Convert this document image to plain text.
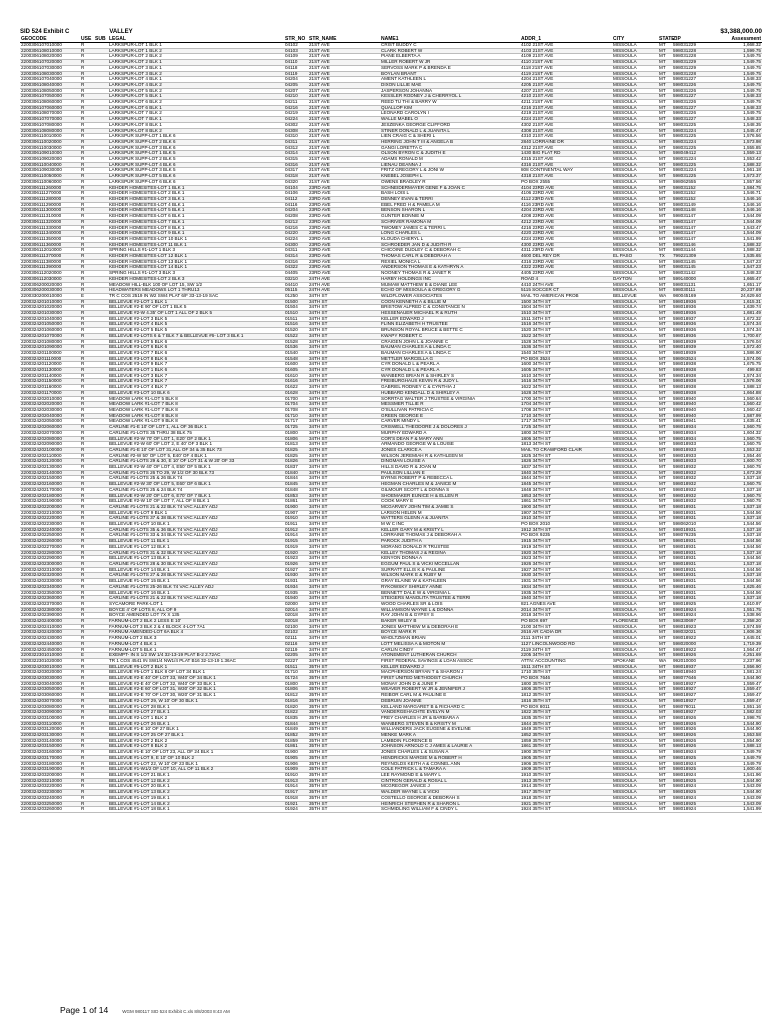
SID 524 Exhibit C	VALLEY	$3,388,000.00
GEOCODE	USE	SUB	LEGAL	STR_NO	STR_NAME	NAME1	ADDR_1	CITY	STATE	ZIP	Assessment
2200306107010000	R		LARKSPUR-LOT 1 BLK 1	04102	21ST AVE	CRIST BUDDY C	4102 21ST AVE	MISSOULA	MT	598031229	1,668.32
2200306108010000	R		LARKSPUR-LOT 1 BLK 2	04103	21ST AVE	CLARK ROBERT W	4103 21ST AVE	MISSOULA	MT	598031228	1,599.75
2200306108020000	R		LARKSPUR-LOT 2 BLK 2	04109	21ST AVE	PIANE ELBERTA A	4109 21ST AVE	MISSOULA	MT	598031228	1,549.75
2200306107020000	R		LARKSPUR-LOT 2 BLK 1	04110	21ST AVE	MILLER ROBERT W JR	4110 21ST AVE	MISSOULA	MT	598031229	1,549.75
2200306107030000	R		LARKSPUR-LOT 3 BLK 1	04118	21ST AVE	SERVOSS MARK P & BRENDA E	4118 21ST AVE	MISSOULA	MT	598031229	1,549.75
2200306108030000	R		LARKSPUR-LOT 3 BLK 2	04119	21ST AVE	BOYLAN BRANT	4119 21ST AVE	MISSOULA	MT	598031228	1,549.75
2200306107040000	R		LARKSPUR-LOT 4 BLK 1	04204	21ST AVE	AMENT KATHLEEN L	4204 21ST AVE	MISSOULA	MT	598031227	1,548.33
2200306108040000	R		LARKSPUR-LOT 4 BLK 2	04205	21ST AVE	DIXON LILLIE MAE	4205 21ST AVE	MISSOULA	MT	598031226	1,549.75
2200306108050000	R		LARKSPUR-LOT 5 BLK 2	04207	21ST AVE	JASPERSON JOHANNA	4207 21ST AVE	MISSOULA	MT	598031226	1,549.75
2200306107050000	R		LARKSPUR-LOT 5 BLK 1	04210	21ST AVE	KESSLER RODNEY J & CHERRYOL L	4210 21ST AVE	MISSOULA	MT	598031227	1,548.33
2200306108060000	R		LARKSPUR-LOT 6 BLK 2	04211	21ST AVE	REED TU THI & BARRY W	4211 21ST AVE	MISSOULA	MT	598031226	1,549.75
2200306107060000	R		LARKSPUR-LOT 6 BLK 1	04216	21ST AVE	QUALLOP KIM	4216 21ST AVE	MISSOULA	MT	598031227	1,548.33
2200306108070000	R		LARKSPUR-LOT 7 BLK 2	04219	21ST AVE	LEONARD CAROLYN I	4219 21ST AVE	MISSOULA	MT	598031226	1,549.75
2200306107070000	R		LARKSPUR-LOT 7 BLK 1	04224	21ST AVE	WALLE MABEL O	4224 21ST AVE	MISSOULA	MT	598031227	1,548.33
2200306107080000	R		LARKSPUR-LOT 8 BLK 1	04302	21ST AVE	JESZENKA GEORGE CLIFFORD	4302 21ST AVE	MISSOULA	MT	598031225	1,548.35
2200306108080000	R		LARKSPUR-LOT 8 BLK 2	04308	21ST AVE	STINER DONALD L & JUANITA L	4308 21ST AVE	MISSOULA	MT	598031224	1,545.47
2200306110010000	R		LARKSPUR SUPP-LOT 1 BLK 6	04310	21ST AVE	LIEN CRAIG C & SHERI L	4310 21ST AVE	MISSOULA	MT	598031225	1,576.56
2200306110020000	R		LARKSPUR SUPP-LOT 2 BLK 6	04311	21ST AVE	HERRING JOHN T III & ANGELA B	2840 LORRAINE DR	MISSOULA	MT	598031224	1,573.98
2200306110030000	R		LARKSPUR SUPP-LOT 3 BLK 6	04312	21ST AVE	GANGI LORETTA C	4312 21ST AVE	MISSOULA	MT	598031225	1,555.85
2200306109010000	R		LARKSPUR SUPP-LOT 1 BLK 5	04314	21ST AVE	OLSON BYRON C & JUDITH E	1430 BIG FLAT RD	MISSOULA	MT	598049412	1,559.13
2200306109020000	R		LARKSPUR SUPP-LOT 2 BLK 5	04315	21ST AVE	ADAMS RONALD M	4315 21ST AVE	MISSOULA	MT	598031224	1,553.42
2200306110040000	R		LARKSPUR SUPP-LOT 4 BLK 6	04316	21ST AVE	LIENAU DEANNA J	4316 21ST AVE	MISSOULA	MT	598031225	1,588.32
2200306109030000	R		LARKSPUR SUPP-LOT 3 BLK 5	04317	21ST AVE	FRITZ GREGORY L & JONI W	808 CONTINENTAL WAY	MISSOULA	MT	598031224	1,561.18
2200306110050000	R		LARKSPUR SUPP-LOT 5 BLK 6	04318	21ST AVE	KNEBEL JOSEPH L	4318 21ST AVE	MISSOULA	MT	598031225	1,573.37
2200306110060000	R		LARKSPUR SUPP-LOT 6 BLK 6	04320	21ST AVE	OWENS BRADLEY R	PO BOX 2555	MISSOULA	MT	598062555	1,557.56
2200306111260000	R		KEHDER HOMESITES-LOT 1 BLK 1	04104	23RD AVE	SCHNEIDERMAYER GENE F & JOAN C	4104 23RD AVE	MISSOULA	MT	598031152	1,584.75
2200306111270000	R		KEHDER HOMESITES-LOT 2 BLK 1	04106	23RD AVE	BASH LOIS L	4106 23RD AVE	MISSOULA	MT	598031152	1,546.71
2200306111280000	R		KEHDER HOMESITES-LOT 3 BLK 1	04112	23RD AVE	DENNEY EVAN & TERRI	4112 23RD AVE	MISSOULA	MT	598031152	1,546.16
2200306111290000	R		KEHDER HOMESITES-LOT 4 BLK 1	04116	23RD AVE	EBEL FRED H & PAMELA M	4116 23RD AVE	MISSOULA	MT	598031149	1,546.16
2200306111300000	R		KEHDER HOMESITES-LOT 5 BLK 1	04204	23RD AVE	BENSON SHARON L	4204 23RD AVE	MISSOULA	MT	598031148	1,546.16
2200306111310000	R		KEHDER HOMESITES-LOT 6 BLK 1	04208	23RD AVE	GUNTER BONNIE M	4208 23RD AVE	MISSOULA	MT	598031147	1,544.09
2200306111320000	R		KEHDER HOMESITES-LOT 7 BLK 1	04212	23RD AVE	SCHRIVER RAMONA M	4212 23RD AVE	MISSOULA	MT	598031147	1,544.09
2200306111330000	R		KEHDER HOMESITES-LOT 8 BLK 1	04216	23RD AVE	TWOMEY JAMES C & TERRI L	4216 23RD AVE	MISSOULA	MT	598031147	1,543.47
2200306111340000	R		KEHDER HOMESITES-LOT 9 BLK 1	04220	23RD AVE	LONG CHARLES L	4220 23RD AVE	MISSOULA	MT	598031147	1,544.09
2200306111350000	R		KEHDER HOMESITES-LOT 10 BLK 1	04224	23RD AVE	KLOUDA CHERYL L	4224 23RD AVE	MISSOULA	MT	598031147	1,541.99
2200306111360000	R		KEHDER HOMESITES-LOT 11 BLK 1	04300	23RD AVE	SCHROEDER JAN D & JUDITH R	4300 23RD AVE	MISSOULA	MT	598031146	1,588.32
2200306112010000	R		SPRING HILLS #1-LOT 1 BLK 3	04311	23RD AVE	CHICOINE DUDLEY C & DEBORAH C	4311 23RD AVE	MISSOULA	MT	598031144	1,588.32
2200306111370000	R		KEHDER HOMESITES-LOT 12 BLK 1	04314	23RD AVE	THOMAS CARL R & DEBORAH A	4600 DEL REY DR	EL PASO	TX	799221309	1,535.65
2200306111380000	R		KEHDER HOMESITES-LOT 13 BLK 1	04316	23RD AVE	REXIEL MONICA L	4316 23RD AVE	MISSOULA	MT	598031145	1,547.23
2200306111390000	R		KEHDER HOMESITES-LOT 14 BLK 1	04322	23RD AVE	ANDERSON THOMAS E & KATHRYN A	4322 23RD AVE	MISSOULA	MT	598031145	1,547.23
2200306112020000	R		SPRING HILLS #1-LOT 3 BLK 3	04405	23RD AVE	NOONEY THOMAS R & JANET R	4405 23RD AVE	MISSOULA	MT	598031142	1,548.33
2200306112030000	R		KEHDER HOMESITES-LOT 2 BLK 3	03210	24TH AVE	HARBY HOLDINGS INC	ROAD 4	DAYTON	MT	599140000	1,665.47
2200306200020000	R		MEADOW HILL-BLK 100 OF LOT 15, SW 1/2	04410	24TH AVE	MUMAW MATTHEW B & DIANE LEE	4410 24TH AVE	MISSOULA	MT	598031131	1,651.17
2200306200030000	R		HEADWATERS MEADOWS LOT 1 THRU13	05115	24TH AVE	ECHO OF MISSOULA & GREGORY G	5115 SOCCER CT	MISSOULA	MT	598030111	20,237.89
2200330200010000	E		TR C COS 2519 IN W2 SW4 PLAT 6/F 33-13-19 SAC	01250	34TH ST	WILDFLOWER ASSOCIATES	MAIL TO AMERICAN PROB	BELLEVUE	WA	980045169	24,629.60
2200324201010000	R		BELLEVUE #2-LOT 1 BLK 1	01500	34TH ST	COON KENNETH A & BILLIE M	1500 34TH ST	MISSOULA	MT	598018936	1,615.31
2200324201020000	R		BELLEVUE #2-E 90' OF LOT 1 BLK 5	01504	34TH ST	BRISTOW ALFRED C & CONSTANCE N	1504 34TH ST	MISSOULA	MT	598018936	1,639.74
2200324201030000	R		BELLEVUE #2-W 4.35' OF LOT 1 ALL OF 2 BLK 5	01510	34TH ST	HESSENAUER MICHAEL R & RUTH	1510 34TH ST	MISSOULA	MT	598018936	1,681.49
2200324201040000	R		BELLEVUE #2-LOT 3 BLK 5	01511	34TH ST	KELLER EDWARD J	1511 34TH ST	MISSOULA	MT	598018937	1,672.32
2200324201050000	R		BELLEVUE #2-LOT 4 BLK 5	01516	34TH ST	FLINN ELIZABETH H TRUSTEE	1516 34TH ST	MISSOULA	MT	598018936	1,574.34
2200324201060000	R		BELLEVUE #2-LOT 5 BLK 5	01520	34TH ST	BRUNSON ROYAL BRUCE & BETTE C	1520 34TH ST	MISSOULA	MT	598018936	1,574.34
2200324201070000	R		BELLEVUE #2-LOTS 6 & 7 BLK 7 & BELLEVUE #6- LOT 3 BLK 1	01522	34TH ST	KWAPY ROBERT C	1522 34TH ST	MISSOULA	MT	598018936	1,700.67
2200324201080000	R		BELLEVUE #3-LOT 5 BLK 6	01528	34TH ST	CRAIGEN JOHN L & JOANNE C	1528 34TH ST	MISSOULA	MT	598018939	1,576.04
2200324201090000	R		BELLEVUE #3-LOT 6 BLK 6	01536	34TH ST	BAUMAN CHARLES A & LINDA C	1536 34TH ST	MISSOULA	MT	598018939	1,572.40
2200324201100000	R		BELLEVUE #3-LOT 7 BLK 6	01540	34TH ST	BAUMAN CHARLES A & LINDA C	1540 34TH ST	MISSOULA	MT	598018939	1,586.90
2200324201110000	R		BELLEVUE #3-LOT 8 BLK 6	01548	34TH ST	METTLER MARCELLA G	PO BOX 3524	MISSOULA	MT	598063524	1,574.06
2200324201120000	R		BELLEVUE #3-LOT 9 BLK 7	01600	34TH ST	CYR DONALD L & PEARL A	1600 34TH ST	MISSOULA	MT	598018938	1,675.75
2200324201130000	R		BELLEVUE #3-LOT 1 BLK 6	01605	34TH ST	CYR DONALD L & PEARL A	1605 34TH ST	MISSOULA	MT	598018938	499.83
2200324201140000	R		BELLEVUE #3-LOT 3 BLK 7	01610	34TH ST	WANBERG BRIAN R & SHIRLEY S	1610 34TH ST	MISSOULA	MT	598018938	1,574.34
2200324201150000	R		BELLEVUE #3-LOT 3 BLK 7	01616	34TH ST	FREIBURGHAUS KEVIN R & JUDY L	1616 34TH ST	MISSOULA	MT	598018938	1,576.06
2200324201160000	R		BELLEVUE #3-LOT 4 BLK 7	01622	34TH ST	GABRIEL RODNEY C & CYNTHIA J	1622 34TH ST	MISSOULA	MT	598018938	1,588.13
2200324201170000	R		BELLEVUE #3-LOT 10 BLK 6	01628	34TH ST	HUBBARD KENDALL D & SHIRLEY A	1628 34TH ST	MISSOULA	MT	598018938	1,664.88
2200324202010000	R		MEADOW LARK #1-LOT 5 BLK 8	01700	34TH ST	SORRTAG WALTER J TRUSTEE & VIRGINIA	1700 34TH ST	MISSOULA	MT	598018940	1,560.64
2200324202020000	R		MEADOW LARK #1-LOT 7 BLK 8	01704	34TH ST	MESSMER TILLIE R	1704 34TH ST	MISSOULA	MT	598018940	1,560.42
2200324202030000	R		MEADOW LARK #1-LOT 7 BLK 8	01708	34TH ST	O'SULLIVAN PATRICIA C	1708 34TH ST	MISSOULA	MT	598018940	1,560.42
2200324202040000	R		MEADOW LARK #1-LOT 8 BLK 8	01710	34TH ST	GREEN GEORGE E	1710 34TH ST	MISSOULA	MT	598018940	1,587.99
2200324202050000	R		MEADOW LARK #1-LOT 9 BLK 8	01717	34TH ST	CARVER MINDY L	1717 34TH ST	MISSOULA	MT	598018941	1,635.41
2200324202060000	R		CARLINE #1-E 10' OF LOT 1, ALL OF 36 BLK 1	01725	34TH ST	CRISWELL THEODORE J & DOLORES J	1725 34TH ST	MISSOULA	MT	598018934	1,560.75
2200324202070000	R		CARLINE #1-LOTS 35 THRU 38 BLK 75	01800	34TH ST	MURPHY EDWARD A	1800 34TH ST	MISSOULA	MT	598018934	1,604.32
2200324202080000	R		BELLEVUE #2-W 70' OF LOT 1, E20' OF 2 BLK 1	01806	34TH ST	COR'S DEAN F & MARY ANN	1806 34TH ST	MISSOULA	MT	598018934	1,560.75
2200324202090000	R		BELLEVUE #2-W 60' OF LOT 2, E 40' OF 3 BLK 1	01813	34TH ST	ARMANDO GEORGE W & LOUISE	1813 34TH ST	MISSOULA	MT	598018933	1,560.75
2200324202100000	R		CARLINE #1-E 10' OF LOT 31,ALL OF 34 & 35 BLK 73	01825	34TH ST	JONES CLARICE A	MAIL TO CRAWFORD CLAIR	MISSOULA	MT	598018933	1,553.32
2200324202110000	R		CARLINE #2-W 50' OF LOT 5, E40' OF 4 BLK 1	01825	34TH ST	WILSON JEREMIAH R & KATHLEEN M	1825 34TH ST	MISSOULA	MT	598018933	1,554.46
2200324202120000	R		CARLINE #1-LOTS 29 & 30, E 10' OF LOT 31 & W 20' OF 33	01826	34TH ST	DINGMAN LOUISE A	1826 34TH ST	MISSOULA	MT	598018933	1,600.70
2200324202130000	R		BELLEVUE #2-W 40' OF LOT 4, E50' OF 5 BLK 1	01837	34TH ST	HILLS DAVID R & JOAN M	1837 34TH ST	MISSOULA	MT	598018932	1,560.75
2200324202140000	R		CARLINE #1-LOTS 26 TO 29, W 1/2 OF 30 BLK 73	01840	34TH ST	PAULSON LILLIAN E	1840 34TH ST	MISSOULA	MT	598018932	1,673.29
2200324202150000	R		CARLINE #1-LOTS 25 & 26 BLK 74	01844	34TH ST	BYRNS ROBERT P & REBECCA L	1844 34TH ST	MISSOULA	MT	598018932	1,537.18
2200324202160000	R		BELLEVUE #2-W 30' OF LOT 5, E60' OF 6 BLK 1	01845	34TH ST	HEGMAN CHARLES M & JANICE M	1845 34TH ST	MISSOULA	MT	598018932	1,560.75
2200324202170000	R		CARLINE #1-LOTS 25 & 24 BLK 74	01848	34TH ST	GILMOUR SCOTT L & DONNA S	1848 34TH ST	MISSOULA	MT	598018932	1,537.18
2200324202180000	R		BELLEVUE #2-W 20' OF LOT 6, E70' OF 7 BLK 1	01853	34TH ST	SHOEMAKER EUNICE H & ELLEN R	1853 34TH ST	MISSOULA	MT	598018932	1,560.75
2200324202190000	R		BELLEVUE #2-W 10' OF LOT 7, ALL OF 8 BLK 1	01861	34TH ST	COOK MARY E	1861 34TH ST	MISSOULA	MT	598018932	1,560.75
2200324202200000	R		CARLINE #1-LOTS 21 & 22 BLK 74 VAC ALLEY ADJ	01900	34TH ST	MCGARVEY JOHN TIM & JAMIE S	1900 34TH ST	MISSOULA	MT	598018931	1,537.18
2200324202210000	R		BELLEVUE #1-LOT 9 BLK 1	01907	34TH ST	LARSON HELEN M	1907 34TH ST	MISSOULA	MT	598018931	1,544.56
2200324202220000	R		CARLINE #1-LOTS 37 & 38 BLK 74 VAC ALLEY ADJ	01910	34TH ST	WATTERS GLENN A & JUANITA	1910 34TH ST	MISSOULA	MT	598018931	1,537.18
2200324202230000	R		BELLEVUE #1-LOT 10 BLK 1	01911	34TH ST	M W C INC	PO BOX 2010	MISSOULA	MT	598062010	1,544.56
2200324202240000	R		CARLINE #1-LOTS 35 & 36 BLK 74 VAC ALLEY ADJ	01912	34TH ST	KELLER GARY M & KRISTY L	1912 34TH ST	MISSOULA	MT	598018931	1,537.18
2200324202250000	R		CARLINE #1-LOTS 33 & 34 BLK 74 VAC ALLEY ADJ	01914	34TH ST	LORRAINE THOMAS J & DEBORAH A	PO BOX 9235	MISSOULA	MT	598079235	1,537.18
2200324202260000	R		BELLEVUE #1-LOT 11 BLK 1	01915	34TH ST	PAROCK JUDITH A	1915 34TH ST	MISSOULA	MT	598018931	1,544.56
2200324202270000	R		BELLEVUE #1-LOT 12 BLK 1	01919	34TH ST	MORANG DONALD R TRUSTEE	1919 34TH ST	MISSOULA	MT	598018931	1,544.56
2200324202280000	R		CARLINE #1-LOTS 31 & 32 BLK 74 VAC ALLEY ADJ	01920	34TH ST	KELLEY THOMAS J & REGINA	1920 34TH ST	MISSOULA	MT	598018931	1,537.18
2200324202290000	R		BELLEVUE #1-LOT 13 BLK 1	01923	34TH ST	KENYON DONNA A	1923 34TH ST	MISSOULA	MT	598018931	1,544.56
2200324202300000	R		CARLINE #1-LOTS 28 & 30 BLK 74 VAC ALLEY ADJ	01926	34TH ST	EGGUM PAUL S & VICKI MCCELLAN	1926 34TH ST	MISSOULA	MT	598018931	1,537.18
2200324202310000	R		BELLEVUE #1-LOT 14 BLK 1	01927	34TH ST	SURRATT ELLIS K & PAULINE	1927 34TH ST	MISSOULA	MT	598018931	1,544.56
2200324202320000	R		CARLINE #1-LOTS 27 & 28 BLK 74 VAC ALLEY ADJ	01930	34TH ST	WILSON MARK E & RUBY M	1930 34TH ST	MISSOULA	MT	598018931	1,537.18
2200324202330000	R		BELLEVUE #1-LOT 15 BLK 1	01931	34TH ST	GRAY ELAINE W & KATHLEEN	1931 34TH ST	MISSOULA	MT	598018931	1,544.56
2200324202340000	R		CARLINE #1-LOTS 25-26 BLK 74 VAC ALLEY ADJ	01934	34TH ST	RYKOWSKY SHIRLEY ANNE	1934 34TH ST	MISSOULA	MT	598018931	1,625.46
2200324202350000	R		BELLEVUE #1-LOT 16 BLK 1	01935	34TH ST	BENNETT DALE W & VIRGINIA L	1935 34TH ST	MISSOULA	MT	598018931	1,544.56
2200324202360000	R		CARLINE #1-LOTS 21 & 22 BLK 74 VAC ALLEY ADJ	01940	34TH ST	STEIGERS MANOLITA TRUSTEE & TERRI	1940 34TH ST	MISSOULA	MT	598018931	1,537.18
2200324202370000	R		SYCAMORE PARK-LOT 1	02000	34TH ST	WOOD CHARLES SR & LOIS	821 AGNES AVE	MISSOULA	MT	598018925	1,610.97
2200324202380000	R		BOYCE 4' OF LOTS 8, ALL OF 9	02014	34TH ST	WILLIAMSON WAYNE L & DONNA	2014 34TH ST	MISSOULA	MT	598018924	1,551.75
2200324202390000	R		BOYCE AMENDED LOT 7X X 135	02018	34TH ST	RAY JOHN B & GYPSY S	2018 34TH ST	MISSOULA	MT	598018924	1,538.96
2200324202400000	R		FARNUM-LOT 2 BLK 2 LESS E 10'	02018	34TH ST	BAKER WILEY B	PO BOX 697	FLORENCE	MT	598330697	2,358.20
2200324202410000	R		FARNUM-LOT 3 BLK 2 & 4 BLOCK 4-LOT 7A1	02100	34TH ST	JONES MATTHEW M & DEBORAH E	2100 34TH ST	MISSOULA	MT	598018923	1,574.59
2200324202420000	R		FARNUM AMENDED-LOT 6A BLK 4	02102	34TH ST	BOYCE MARK R	2616 AR CADIA DR	MISSOULA	MT	598032021	1,606.36
2200324202430000	R		FARNUM-LOT 2 BLK 3	02111	34TH ST	WHOLTZMAN BRIAN	2111 34TH ST	MISSOULA	MT	598018922	1,645.01
2200324202440000	R		FARNUM-LOT 4 BLK 1	02116	34TH ST	LOTT MELISSA A & MOTON M	1127 LINCOLNWOOD RD	MISSOULA	MT	598020000	1,719.39
2200324202450000	R		FARNUM-LOT 5 BLK 1	02119	34TH ST	CARLIN CINDY	2119 34TH ST	MISSOULA	MT	598018922	1,564.47
2200322301010000	E		EXEMPT- IN S 1/2 SW 1/4 32-13-19 PLAT B-2 2.72AC	02205	34TH ST	ATONEMENT LUTHERAN CHURCH	2205 34TH ST	MISSOULA	MT	598018926	4,251.69
2200322301020000	R		TR 1 COS 4541 IN SW1/4 NW1/4 PLAT B16 32-13-19 1.36AC	02227	34TH ST	FIRST FEDERAL SAVINGS & LOAN ASSOC	ATTN: ACCOUNTING	SPOKANE	WA	992010000	2,237.96
2200324203010000	R		BELLEVUE #5-LOT 2 BLK 1	01511	35TH ST	KELLER EDWARD J	1511 34TH ST	MISSOULA	MT	598018937	1,556.90
2200324203020000	R		BELLEVUE #5-LOT 1 BLK 8 OF LOT 34 BLK 1	01710	35TH ST	MACPHERSON BRYAN T & SHARON J	1710 35TH ST	MISSOULA	MT	598018940	1,581.24
2200324203030000	R		BELLEVUE #2-E 40' OF LOT 33, W40' OF 34 BLK 1	01724	35TH ST	FIRST UNITED METHODIST CHURCH	PO BOX 7646	MISSOULA	MT	598077646	1,544.90
2200324203040000	R		BELLEVUE #2-E 40' OF LOT 32, W40' OF 33 BLK 1	01800	35TH ST	MONAY JOHN D & JUNE F	1800 35TH ST	MISSOULA	MT	598018927	1,559.47
2200324203050000	R		BELLEVUE #2-E 60' OF LOT 31, W30' OF 32 BLK 1	01806	35TH ST	WEAVER ROBERT W JR & JENNIFER J	1806 35TH ST	MISSOULA	MT	598018927	1,559.47
2200324203060000	R		BELLEVUE #2-E 70' OF LOT 30, W20' OF 31 BLK 1	01812	35TH ST	REIBOR CARL M & PAULINE E	1812 35TH ST	MISSOULA	MT	598018927	1,559.47
2200324203070000	R		BELLEVUE #2-LOT 29, W 10' OF 30 BLK 1	01816	35TH ST	DEBRUIN JOANNE	1816 35TH ST	MISSOULA	MT	598018927	1,559.47
2200324203080000	R		BELLEVUE #1-LOT 28 BLK 1	01820	35TH ST	KELLAND MARGARET B & RICHARD C	PO BOX 8011	MISSOULA	MT	598078011	1,551.16
2200324203090000	R		BELLEVUE #2-LOT 27 BLK 1	01822	35TH ST	VANDERGEHACHTE EVELYN M	1822 35TH ST	MISSOULA	MT	598018927	1,582.03
2200324203100000	R		BELLEVUE #2-LOT 1 BLK 2	01835	35TH ST	FREY CHARLES H JR & BARBARA A	1835 35TH ST	MISSOULA	MT	598018926	1,598.75
2200324203110000	R		BELLEVUE #2-LOT 26 BLK 1	01844	35TH ST	WANBERG STEVEN B & KRISTY M	1844 35TH ST	MISSOULA	MT	598018926	1,544.90
2200324203120000	R		BELLEVUE #1-E 10' OF 27 BLK 1	01849	35TH ST	WILLIANDERS JACK EUGENE & EVELINE	1849 35TH ST	MISSOULA	MT	598018926	1,544.90
2200324203130000	R		BELLEVUE #2-LOT 25 OF 27 BLK 1	01852	35TH ST	MENKE MARK A	1852 35TH ST	MISSOULA	MT	598018926	1,553.58
2200324203140000	R		BELLEVUE #2-LOT 2 BLK 2	01859	35TH ST	LAMBDIN FLORENCE B	1859 35TH ST	MISSOULA	MT	598018926	1,554.90
2200324203150000	R		BELLEVUE #2-LOT 8 BLK 2	01861	35TH ST	JOHNSON ARNOLD C J AMES & LAURIE A	1861 35TH ST	MISSOULA	MT	598018926	1,588.13
2200324203160000	R		BELLEVUE #1-E 10' OF LOT 23, ALL OF 24 BLK 1	01900	35TH ST	JONES CHARLES L & SUSAN A	1900 35TH ST	MISSOULA	MT	598018924	1,549.79
2200324203170000	R		BELLEVUE #1-LOT 9, E 10' OF 10 BLK 2	01905	35TH ST	HENDRICKS MARGIE M & ROBERT H	1905 35TH ST	MISSOULA	MT	598018925	1,549.79
2200324203180000	R		BELLEVUE #1-LOT 22, W 10' OF 23 BLK 1	01906	35TH ST	REYNOLDS KEITH A & CONNEL ANN	1906 35TH ST	MISSOULA	MT	598018924	1,549.79
2200324203190000	R		BELLEVUE #1-W1/2 OF LOT 10, ALL OF 11 BLK 2	01909	35TH ST	COLE PATRICK L & TAMARA A	1909 35TH ST	MISSOULA	MT	598018925	1,600.46
2200324203200000	R		BELLEVUE #1-LOT 21 BLK 1	01910	35TH ST	LEE RAYMOND E & MARY L	1910 35TH ST	MISSOULA	MT	598018924	1,541.96
2200324203210000	R		BELLEVUE #1-LOT 12 BLK 2	01913	35TH ST	CINTRON GERALD & ROSAL L	1913 35TH ST	MISSOULA	MT	598018925	1,544.90
2200324203220000	R		BELLEVUE #1-LOT 20 BLK 1	01914	35TH ST	MCGREGOR JANICE J	1914 35TH ST	MISSOULA	MT	598018924	1,543.09
2200324203230000	R		BELLEVUE #1-LOT 13 BLK 2	01917	35TH ST	WALDER WAYNE L & VICKI	1917 35TH ST	MISSOULA	MT	598018925	1,544.90
2200324203240000	R		BELLEVUE #1-LOT 19 BLK 1	01918	35TH ST	COSTELLO GEORGE & DEBORAH S	1918 35TH ST	MISSOULA	MT	598018924	1,543.09
2200324203250000	R		BELLEVUE #1-LOT 14 BLK 2	01921	35TH ST	HEINRICH STEPHEN R & SHARON L	1921 35TH ST	MISSOULA	MT	598018925	1,543.09
2200324203260000	R		BELLEVUE #1-LOT 18 BLK 1	01924	35TH ST	SCHMIDLING WILLIAM F & CINDY L	1924 35TH ST	MISSOULA	MT	598018924	1,541.99
Page 1 of 14	WGM 980117 SID 524 Exhibit C.xls 8/8/2003 8:43 AM
